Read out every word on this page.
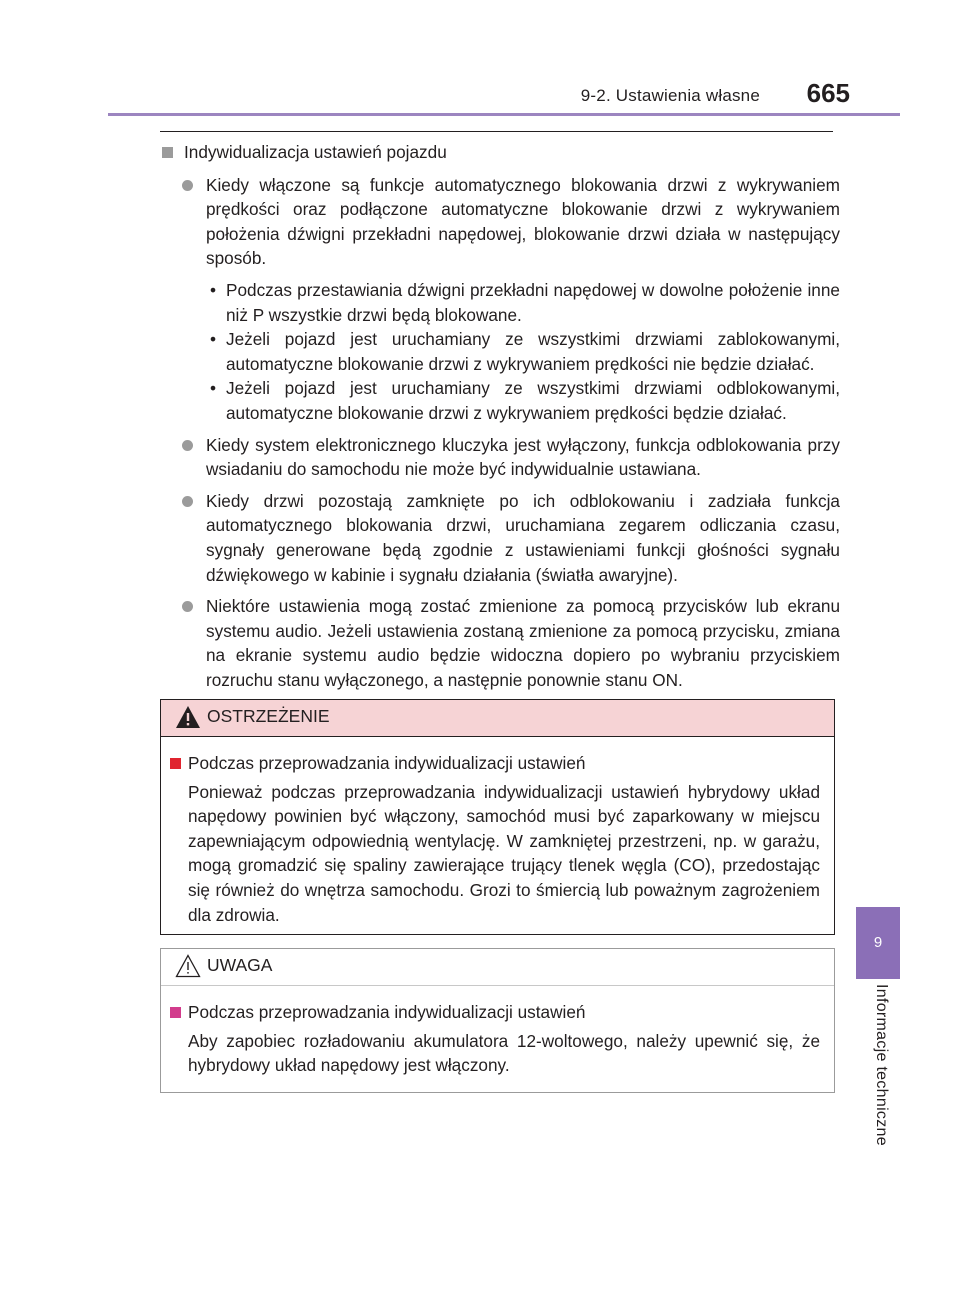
9-2. Ustawienia własne	665
9
Informacje techniczne
Indywidualizacja ustawień pojazdu
Kiedy włączone są funkcje automatycznego blokowania drzwi z wykrywaniem prędkości oraz podłączone automatyczne blokowanie drzwi z wykrywaniem położenia dźwigni przekładni napędowej, blokowanie drzwi działa w następujący sposób.
• Podczas przestawiania dźwigni przekładni napędowej w dowolne położenie inne niż P wszystkie drzwi będą blokowane.
• Jeżeli pojazd jest uruchamiany ze wszystkimi drzwiami zablokowanymi, automatyczne blokowanie drzwi z wykrywaniem prędkości nie będzie działać.
• Jeżeli pojazd jest uruchamiany ze wszystkimi drzwiami odblokowanymi, automatyczne blokowanie drzwi z wykrywaniem prędkości będzie działać.
Kiedy system elektronicznego kluczyka jest wyłączony, funkcja odblokowania przy wsiadaniu do samochodu nie może być indywidualnie ustawiana.
Kiedy drzwi pozostają zamknięte po ich odblokowaniu i zadziała funkcja automatycznego blokowania drzwi, uruchamiana zegarem odliczania czasu, sygnały generowane będą zgodnie z ustawieniami funkcji głośności sygnału dźwiękowego w kabinie i sygnału działania (światła awaryjne).
Niektóre ustawienia mogą zostać zmienione za pomocą przycisków lub ekranu systemu audio. Jeżeli ustawienia zostaną zmienione za pomocą przycisku, zmiana na ekranie systemu audio będzie widoczna dopiero po wybraniu przyciskiem rozruchu stanu wyłączonego, a następnie ponownie stanu ON.
OSTRZEŻENIE
Podczas przeprowadzania indywidualizacji ustawień
Ponieważ podczas przeprowadzania indywidualizacji ustawień hybrydowy układ napędowy powinien być włączony, samochód musi być zaparkowany w miejscu zapewniającym odpowiednią wentylację. W zamkniętej przestrzeni, np. w garażu, mogą gromadzić się spaliny zawierające trujący tlenek węgla (CO), przedostając się również do wnętrza samochodu. Grozi to śmiercią lub poważnym zagrożeniem dla zdrowia.
UWAGA
Podczas przeprowadzania indywidualizacji ustawień
Aby zapobiec rozładowaniu akumulatora 12-woltowego, należy upewnić się, że hybrydowy układ napędowy jest włączony.
